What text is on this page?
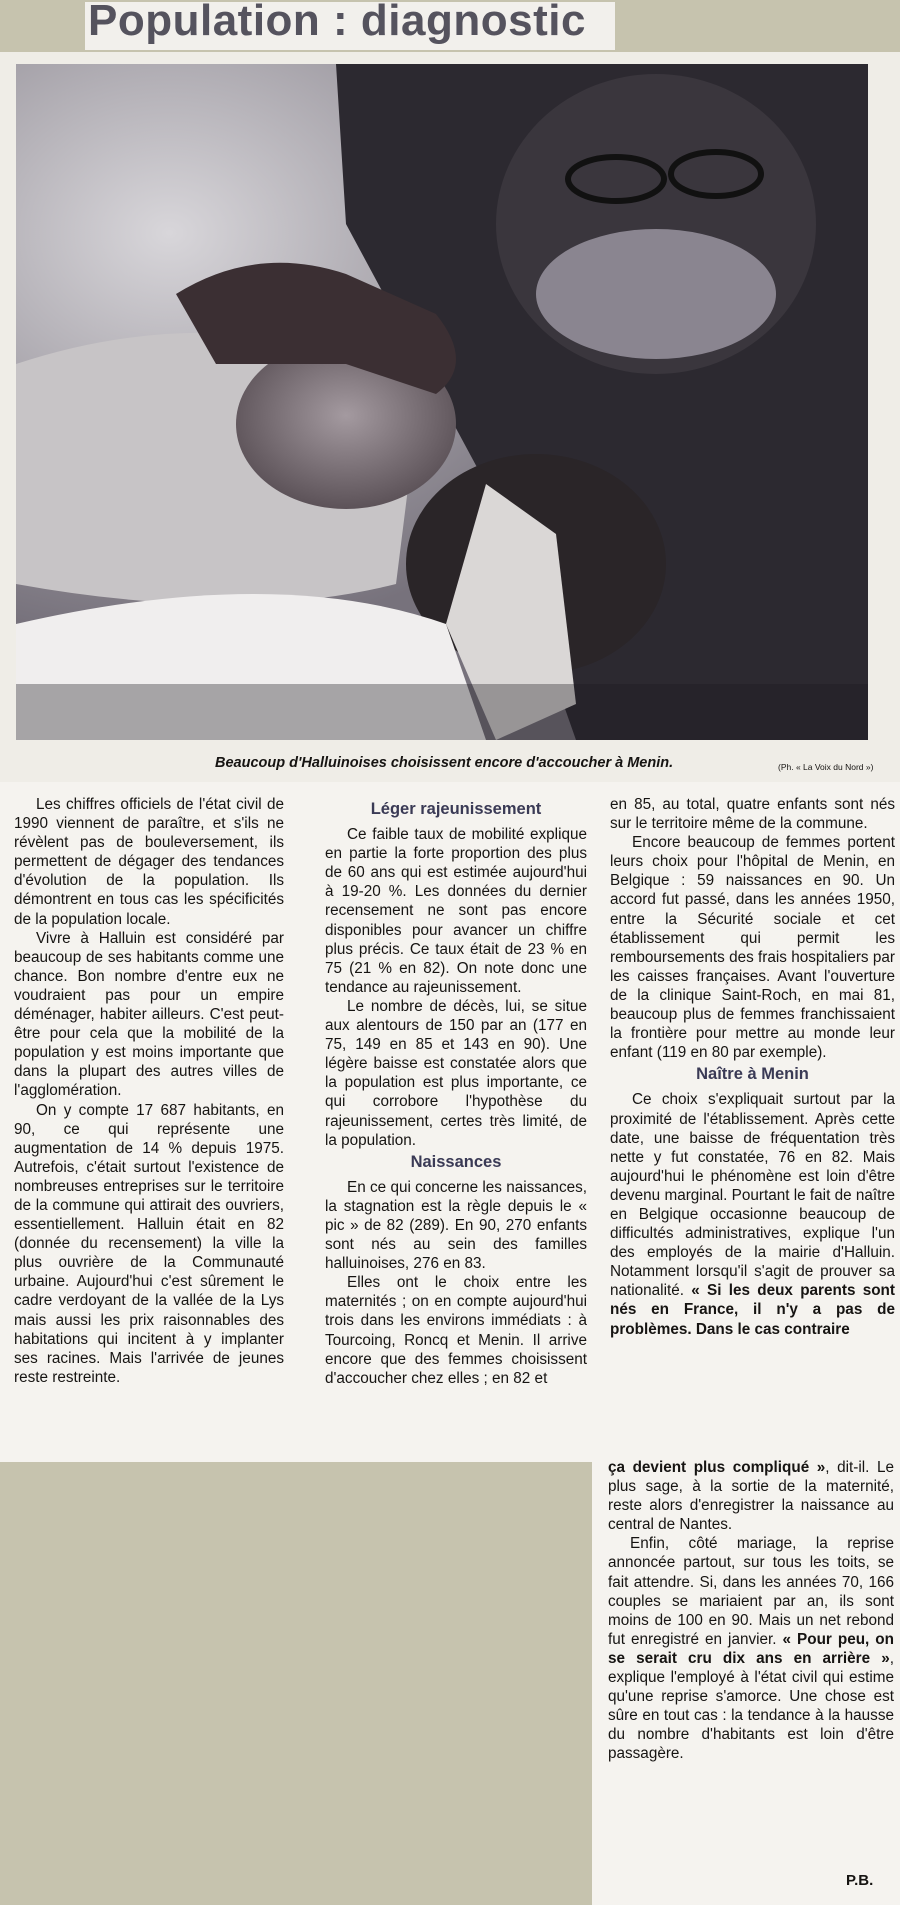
Population : diagnostic

Beaucoup d'Halluinoises choisissent encore d'accoucher à Menin.	(Ph. « La Voix du Nord »)

Les chiffres officiels de l'état civil de 1990 viennent de paraître, et s'ils ne révèlent pas de bouleversement, ils permettent de dégager des tendances d'évolution de la population. Ils démontrent en tous cas les spécificités de la population locale.

Vivre à Halluin est considéré par beaucoup de ses habitants comme une chance. Bon nombre d'entre eux ne voudraient pas pour un empire déménager, habiter ailleurs. C'est peut-être pour cela que la mobilité de la population y est moins importante que dans la plupart des autres villes de l'agglomération.

On y compte 17 687 habitants, en 90, ce qui représente une augmentation de 14 % depuis 1975. Autrefois, c'était surtout l'existence de nombreuses entreprises sur le territoire de la commune qui attirait des ouvriers, essentiellement. Halluin était en 82 (donnée du recensement) la ville la plus ouvrière de la Communauté urbaine. Aujourd'hui c'est sûrement le cadre verdoyant de la vallée de la Lys mais aussi les prix raisonnables des habitations qui incitent à y implanter ses racines. Mais l'arrivée de jeunes reste restreinte.

Léger rajeunissement

Ce faible taux de mobilité explique en partie la forte proportion des plus de 60 ans qui est estimée aujourd'hui à 19-20 %. Les données du dernier recensement ne sont pas encore disponibles pour avancer un chiffre plus précis. Ce taux était de 23 % en 75 (21 % en 82). On note donc une tendance au rajeunissement.

Le nombre de décès, lui, se situe aux alentours de 150 par an (177 en 75, 149 en 85 et 143 en 90). Une légère baisse est constatée alors que la population est plus importante, ce qui corrobore l'hypothèse du rajeunissement, certes très limité, de la population.

Naissances

En ce qui concerne les naissances, la stagnation est la règle depuis le « pic » de 82 (289). En 90, 270 enfants sont nés au sein des familles halluinoises, 276 en 83.

Elles ont le choix entre les maternités ; on en compte aujourd'hui trois dans les environs immédiats : à Tourcoing, Roncq et Menin. Il arrive encore que des femmes choisissent d'accoucher chez elles ; en 82 et

en 85, au total, quatre enfants sont nés sur le territoire même de la commune.

Encore beaucoup de femmes portent leurs choix pour l'hôpital de Menin, en Belgique : 59 naissances en 90. Un accord fut passé, dans les années 1950, entre la Sécurité sociale et cet établissement qui permit les remboursements des frais hospitaliers par les caisses françaises. Avant l'ouverture de la clinique Saint-Roch, en mai 81, beaucoup plus de femmes franchissaient la frontière pour mettre au monde leur enfant (119 en 80 par exemple).

Naître à Menin

Ce choix s'expliquait surtout par la proximité de l'établissement. Après cette date, une baisse de fréquentation très nette y fut constatée, 76 en 82. Mais aujourd'hui le phénomène est loin d'être devenu marginal. Pourtant le fait de naître en Belgique occasionne beaucoup de difficultés administratives, explique l'un des employés de la mairie d'Halluin. Notamment lorsqu'il s'agit de prouver sa nationalité. « Si les deux parents sont nés en France, il n'y a pas de problèmes. Dans le cas contraire

ça devient plus compliqué », dit-il. Le plus sage, à la sortie de la maternité, reste alors d'enregistrer la naissance au central de Nantes.

Enfin, côté mariage, la reprise annoncée partout, sur tous les toits, se fait attendre. Si, dans les années 70, 166 couples se mariaient par an, ils sont moins de 100 en 90. Mais un net rebond fut enregistré en janvier. « Pour peu, on se serait cru dix ans en arrière », explique l'employé à l'état civil qui estime qu'une reprise s'amorce. Une chose est sûre en tout cas : la tendance à la hausse du nombre d'habitants est loin d'être passagère.

P.B.
